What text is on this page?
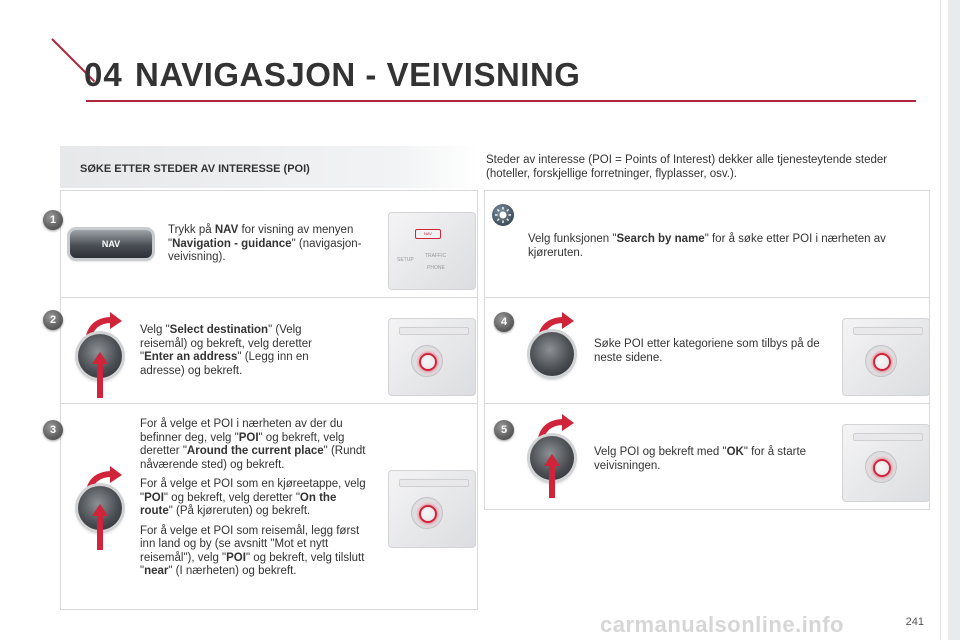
04 NAVIGASJON - VEIVISNING
SØKE ETTER STEDER AV INTERESSE (POI)
Steder av interesse (POI = Points of Interest) dekker alle tjenesteytende steder (hoteller, forskjellige forretninger, flyplasser, osv.).
1
NAV
Trykk på NAV for visning av menyen "Navigation - guidance" (navigasjon-veivisning).
NAV
TRAFFIC
PHONE
SETUP
2
Velg "Select destination" (Velg reisemål) og bekreft, velg deretter "Enter an address" (Legg inn en adresse) og bekreft.
3	For å velge et POI i nærheten av der du befinner deg, velg "POI" og bekreft, velg deretter "Around the current place" (Rundt nåværende sted) og bekreft.

For å velge et POI som en kjøreetappe, velg "POI" og bekreft, velg deretter "On the route" (På kjøreruten) og bekreft.

For å velge et POI som reisemål, legg først inn land og by (se avsnitt "Mot et nytt reisemål"), velg "POI" og bekreft, velg tilslutt "near" (I nærheten) og bekreft.

Velg funksjonen "Search by name" for å søke etter POI i nærheten av kjøreruten.
4
Søke POI etter kategoriene som tilbys på de neste sidene.
5
Velg POI og bekreft med "OK" for å starte veivisningen.
carmanualsonline.info	241
